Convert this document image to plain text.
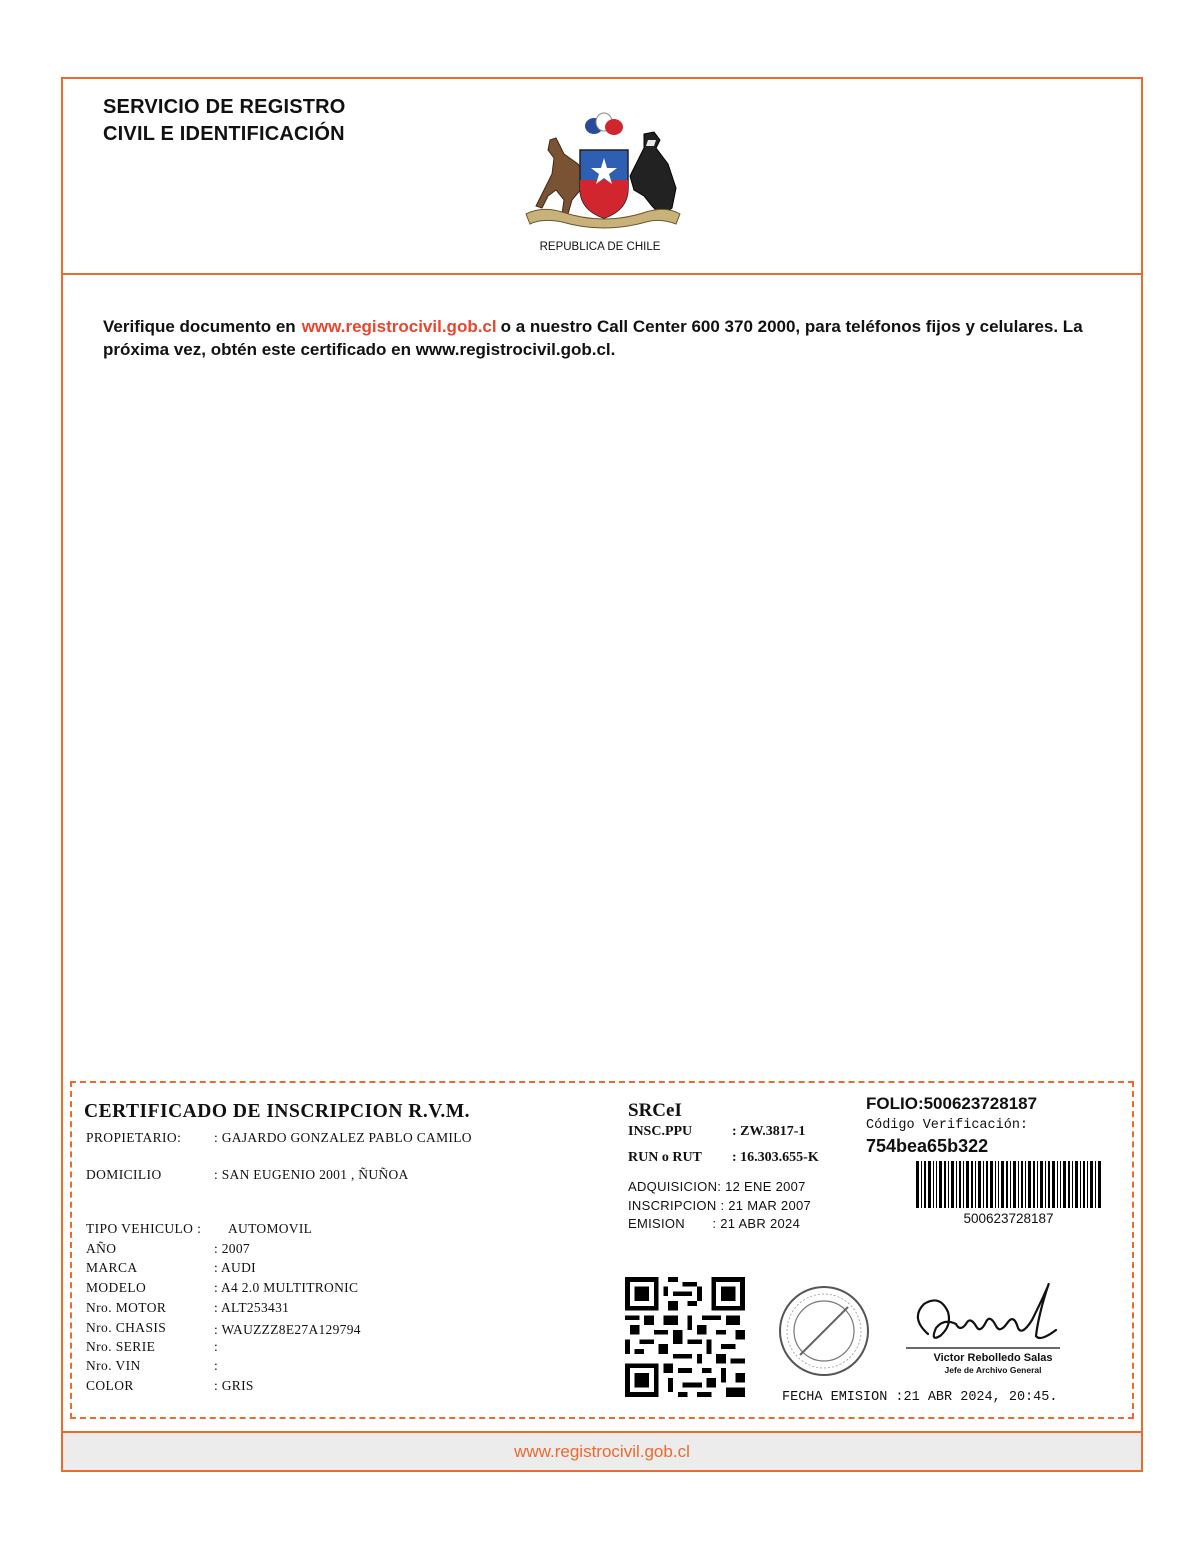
SERVICIO DE REGISTRO
CIVIL E IDENTIFICACIÓN
REPUBLICA DE CHILE
Verifique documento en www.registrocivil.gob.cl o a nuestro Call Center 600 370 2000, para teléfonos fijos y celulares. La próxima vez, obtén este certificado en www.registrocivil.gob.cl.
CERTIFICADO DE INSCRIPCION R.V.M.
PROPIETARIO: : GAJARDO GONZALEZ PABLO CAMILO
DOMICILIO	: SAN EUGENIO 2001 , ÑUÑOA
TIPO VEHICULO : AUTOMOVIL
AÑO	: 2007
MARCA	: AUDI
MODELO	: A4 2.0 MULTITRONIC
Nro. MOTOR	: ALT253431
Nro. CHASIS	: WAUZZZ8E27A129794
Nro. SERIE	:
Nro. VIN	:
COLOR	: GRIS
SRCeI
INSC.PPU	: ZW.3817-1
RUN o RUT : 16.303.655-K
ADQUISICION: 12 ENE 2007
INSCRIPCION : 21 MAR 2007
EMISION       : 21 ABR 2024
FOLIO:500623728187
Código Verificación:
754bea65b322
500623728187
Victor Rebolledo Salas
Jefe de Archivo General
FECHA EMISION :21 ABR 2024, 20:45.
www.registrocivil.gob.cl
